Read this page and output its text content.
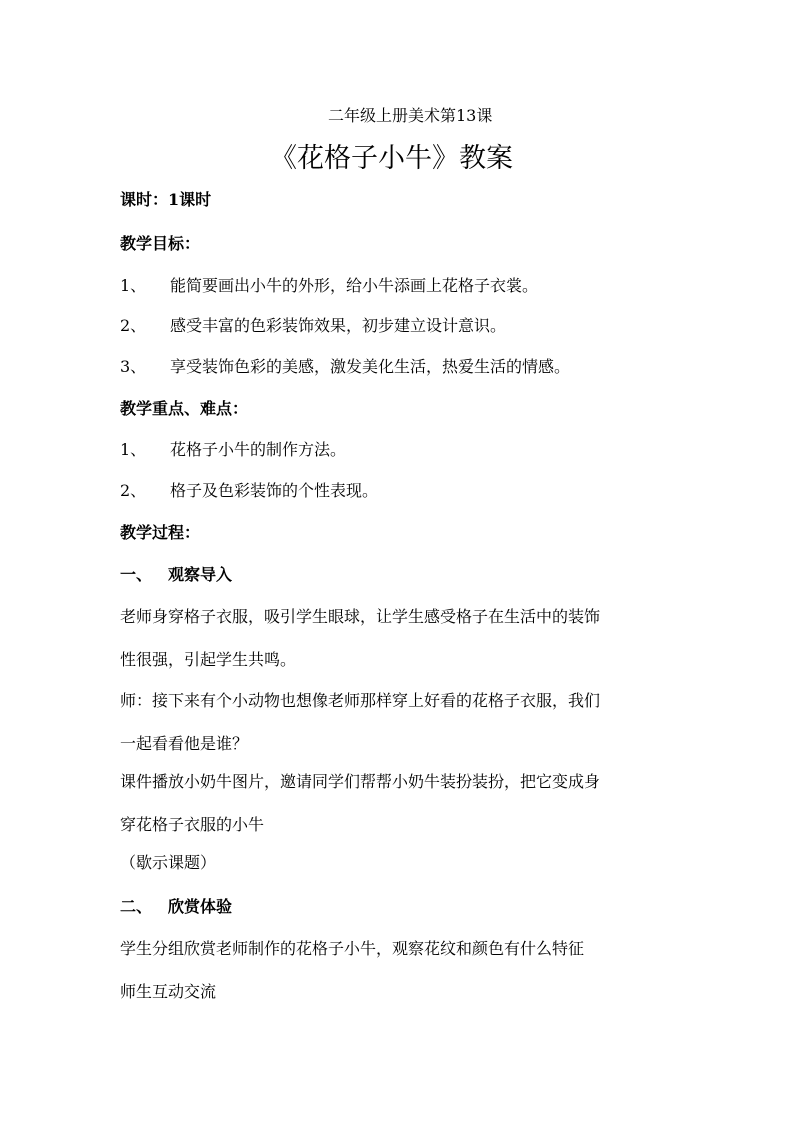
二年级上册美术第13课
《花格子小牛》教案
课时：1课时
教学目标：
1、 能简要画出小牛的外形，给小牛添画上花格子衣裳。
2、 感受丰富的色彩装饰效果，初步建立设计意识。
3、 享受装饰色彩的美感，激发美化生活，热爱生活的情感。
教学重点、难点：
1、 花格子小牛的制作方法。
2、 格子及色彩装饰的个性表现。
教学过程：
一、 观察导入
老师身穿格子衣服，吸引学生眼球，让学生感受格子在生活中的装饰
性很强，引起学生共鸣。
师：接下来有个小动物也想像老师那样穿上好看的花格子衣服，我们
一起看看他是谁？
课件播放小奶牛图片，邀请同学们帮帮小奶牛装扮装扮，把它变成身
穿花格子衣服的小牛
（歇示课题）
二、 欣赏体验
学生分组欣赏老师制作的花格子小牛，观察花纹和颜色有什么特征
师生互动交流
